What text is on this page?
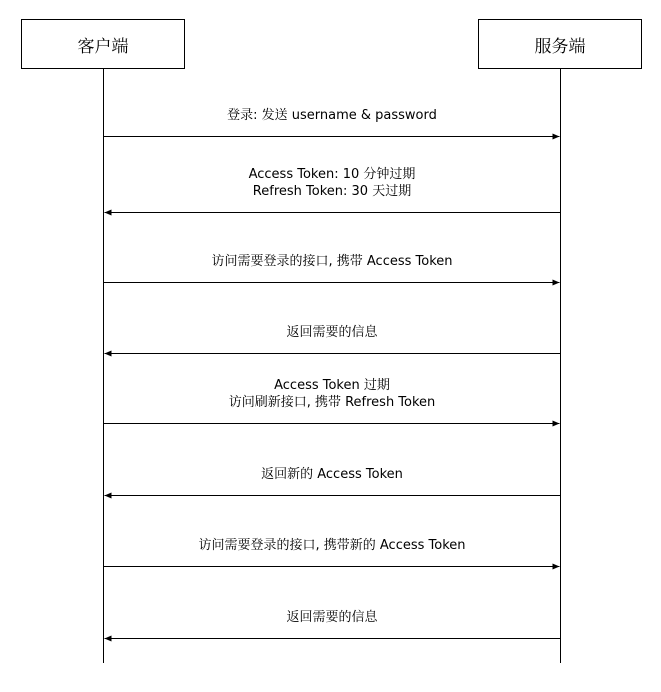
客户端	服务端
登录: 发送 username & password
Access Token: 10 分钟过期
Refresh Token: 30 天过期
访问需要登录的接口, 携带 Access Token
返回需要的信息
Access Token 过期
访问刷新接口, 携带 Refresh Token
返回新的 Access Token
访问需要登录的接口, 携带新的 Access Token
返回需要的信息
